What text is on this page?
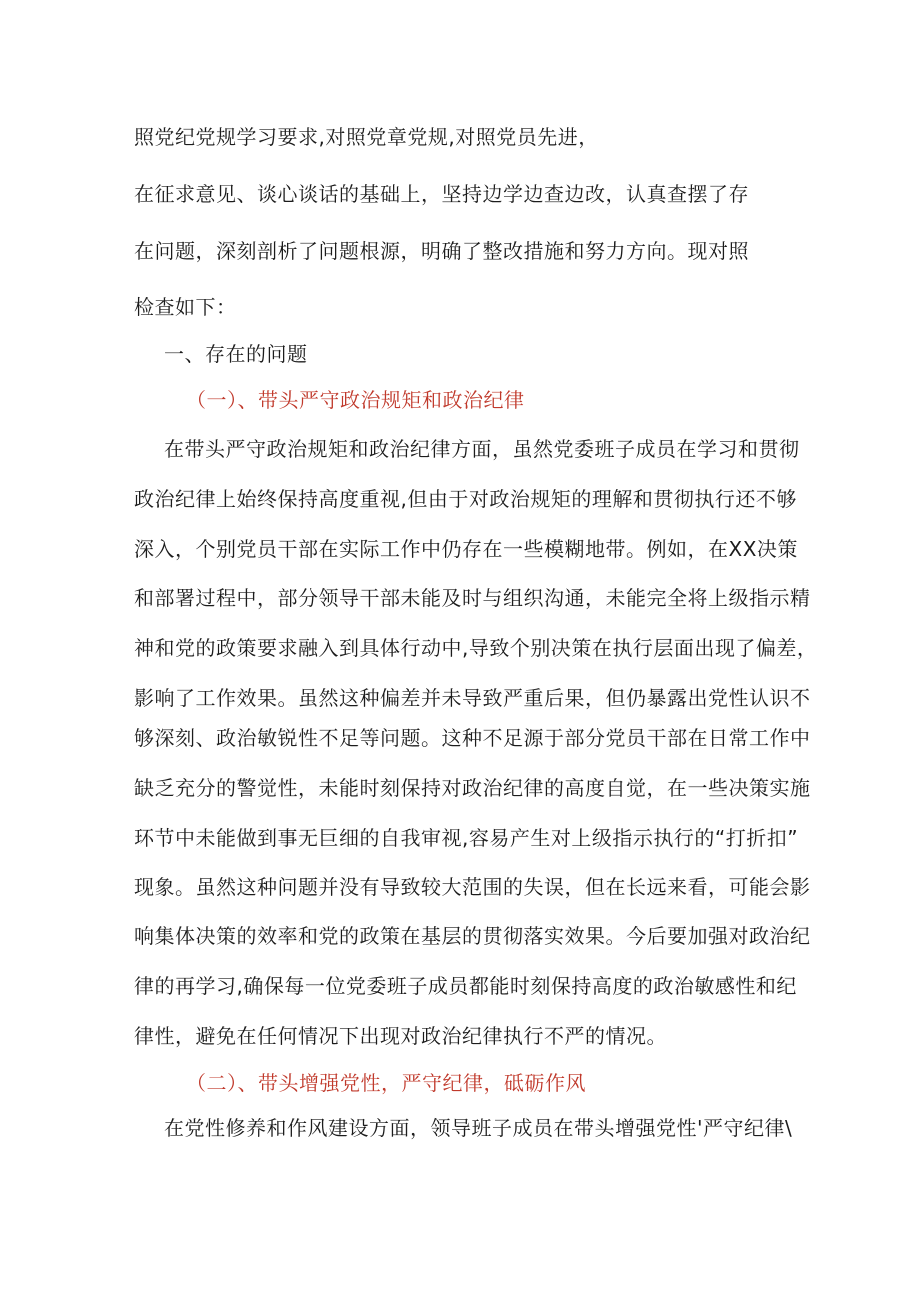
照党纪党规学习要求,对照党章党规,对照党员先进，
在征求意见、谈心谈话的基础上，坚持边学边查边改，认真查摆了存
在问题，深刻剖析了问题根源，明确了整改措施和努力方向。现对照
检查如下：
一、存在的问题
（一）、带头严守政治规矩和政治纪律
在带头严守政治规矩和政治纪律方面，虽然党委班子成员在学习和贯彻
政治纪律上始终保持高度重视,但由于对政治规矩的理解和贯彻执行还不够
深入，个别党员干部在实际工作中仍存在一些模糊地带。例如，在XX决策
和部署过程中，部分领导干部未能及时与组织沟通，未能完全将上级指示精
神和党的政策要求融入到具体行动中,导致个别决策在执行层面出现了偏差，
影响了工作效果。虽然这种偏差并未导致严重后果，但仍暴露出党性认识不
够深刻、政治敏锐性不足等问题。这种不足源于部分党员干部在日常工作中
缺乏充分的警觉性，未能时刻保持对政治纪律的高度自觉，在一些决策实施
环节中未能做到事无巨细的自我审视,容易产生对上级指示执行的“打折扣”
现象。虽然这种问题并没有导致较大范围的失误，但在长远来看，可能会影
响集体决策的效率和党的政策在基层的贯彻落实效果。今后要加强对政治纪
律的再学习,确保每一位党委班子成员都能时刻保持高度的政治敏感性和纪
律性，避免在任何情况下出现对政治纪律执行不严的情况。
（二）、带头增强党性，严守纪律，砥砺作风
在党性修养和作风建设方面，领导班子成员在带头增强党性'严守纪律\
